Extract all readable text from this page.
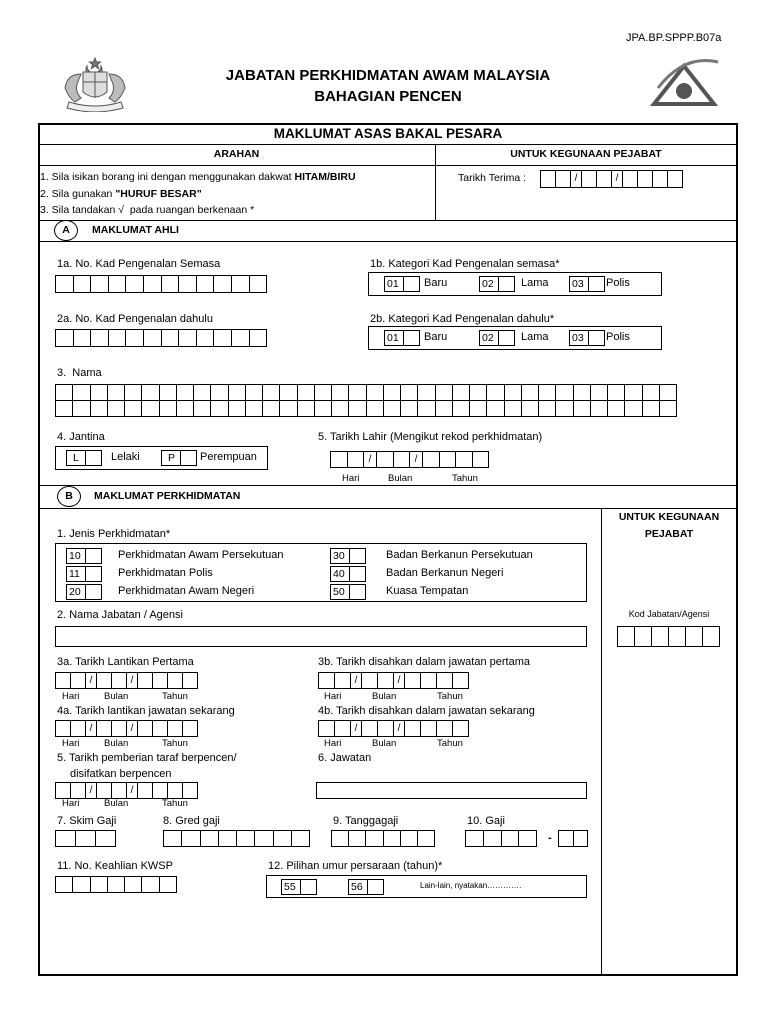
JPA.BP.SPPP.B07a
JABATAN PERKHIDMATAN AWAM MALAYSIA
BAHAGIAN PENCEN
MAKLUMAT ASAS BAKAL PESARA
ARAHAN	UNTUK KEGUNAAN PEJABAT
1. Sila isikan borang ini dengan menggunakan dakwat HITAM/BIRU
2. Sila gunakan "HURUF BESAR"
3. Sila tandakan √  pada ruangan berkenaan *
Tarikh Terima :	/	/
A	MAKLUMAT AHLI
1a. No. Kad Pengenalan Semasa	1b. Kategori Kad Pengenalan semasa*
01	Baru	02	Lama 03	Polis
2a. No. Kad Pengenalan dahulu	2b. Kategori Kad Pengenalan dahulu*
01	Baru	02	Lama 03	Polis
3.  Nama
4. Jantina
L	Lelaki	P	Perempuan
5. Tarikh Lahir (Mengikut rekod perkhidmatan)
/	/
Hari	Bulan	Tahun
B	MAKLUMAT PERKHIDMATAN
UNTUK KEGUNAAN
PEJABAT
Kod Jabatan/Agensi
1. Jenis Perkhidmatan*
10	Perkhidmatan Awam Persekutuan
11	Perkhidmatan Polis
20	Perkhidmatan Awam Negeri
30	Badan Berkanun Persekutuan
40	Badan Berkanun Negeri
50	Kuasa Tempatan
2. Nama Jabatan / Agensi
3a. Tarikh Lantikan Pertama
/	/
Hari	Bulan	Tahun
3b. Tarikh disahkan dalam jawatan pertama
/	/
Hari	Bulan	Tahun
4a. Tarikh lantikan jawatan sekarang
/	/
Hari	Bulan	Tahun
4b. Tarikh disahkan dalam jawatan sekarang
/	/
Hari	Bulan	Tahun
5. Tarikh pemberian taraf berpencen/
disifatkan berpencen
/	/
Hari	Bulan	Tahun
6. Jawatan
7. Skim Gaji	8. Gred gaji	9. Tanggagaji	10. Gaji
-
11. No. Keahlian KWSP	12. Pilihan umur persaraan (tahun)*
55	56	Lain-lain, nyatakan………….
